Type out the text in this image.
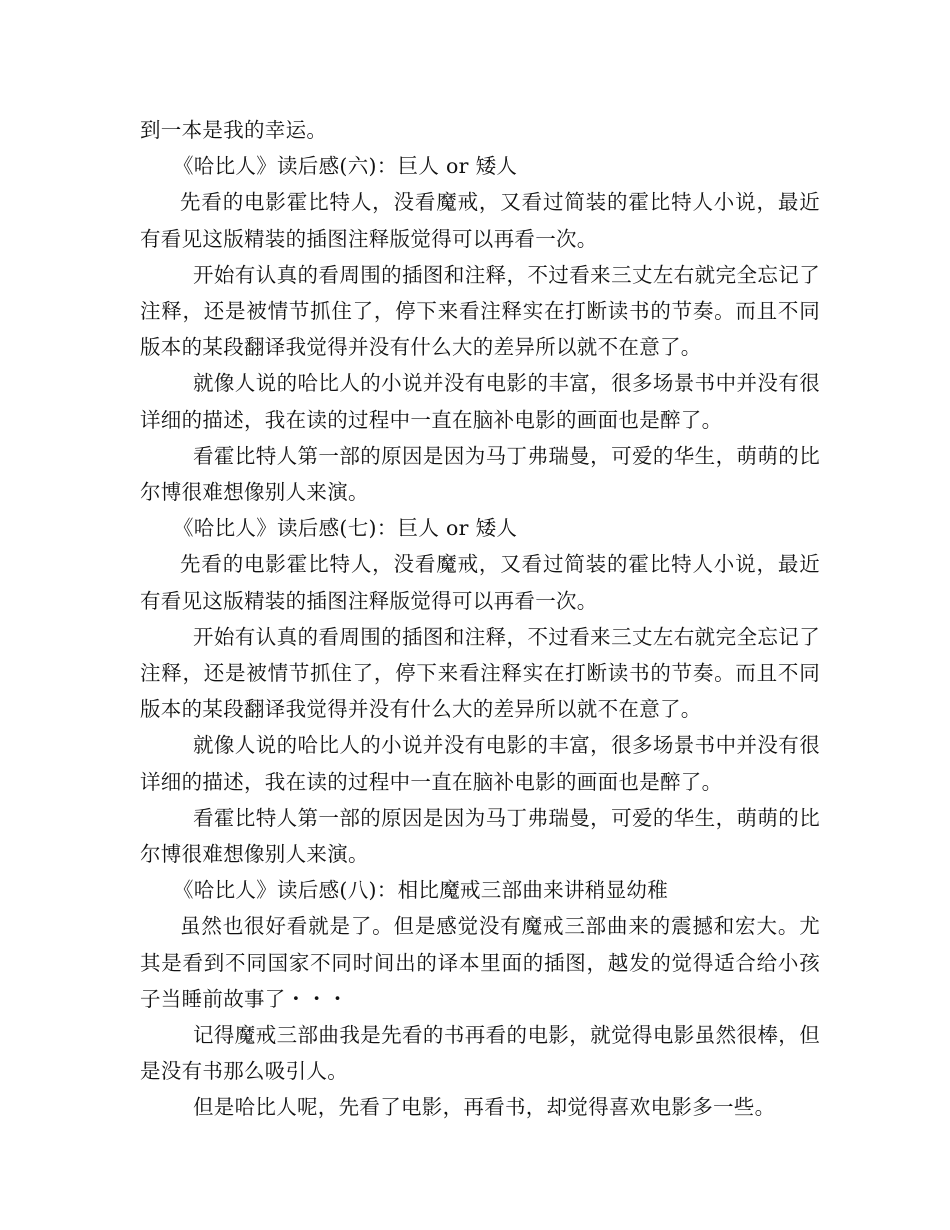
到一本是我的幸运。

《哈比人》读后感(六)：巨人 or 矮人

先看的电影霍比特人，没看魔戒，又看过简装的霍比特人小说，最近有看见这版精装的插图注释版觉得可以再看一次。

开始有认真的看周围的插图和注释，不过看来三丈左右就完全忘记了注释，还是被情节抓住了，停下来看注释实在打断读书的节奏。而且不同版本的某段翻译我觉得并没有什么大的差异所以就不在意了。

就像人说的哈比人的小说并没有电影的丰富，很多场景书中并没有很详细的描述，我在读的过程中一直在脑补电影的画面也是醉了。

看霍比特人第一部的原因是因为马丁弗瑞曼，可爱的华生，萌萌的比尔博很难想像别人来演。

《哈比人》读后感(七)：巨人 or 矮人

先看的电影霍比特人，没看魔戒，又看过简装的霍比特人小说，最近有看见这版精装的插图注释版觉得可以再看一次。

开始有认真的看周围的插图和注释，不过看来三丈左右就完全忘记了注释，还是被情节抓住了，停下来看注释实在打断读书的节奏。而且不同版本的某段翻译我觉得并没有什么大的差异所以就不在意了。

就像人说的哈比人的小说并没有电影的丰富，很多场景书中并没有很详细的描述，我在读的过程中一直在脑补电影的画面也是醉了。

看霍比特人第一部的原因是因为马丁弗瑞曼，可爱的华生，萌萌的比尔博很难想像别人来演。

《哈比人》读后感(八)：相比魔戒三部曲来讲稍显幼稚

虽然也很好看就是了。但是感觉没有魔戒三部曲来的震撼和宏大。尤其是看到不同国家不同时间出的译本里面的插图，越发的觉得适合给小孩子当睡前故事了・・・

记得魔戒三部曲我是先看的书再看的电影，就觉得电影虽然很棒，但是没有书那么吸引人。

但是哈比人呢，先看了电影，再看书，却觉得喜欢电影多一些。
